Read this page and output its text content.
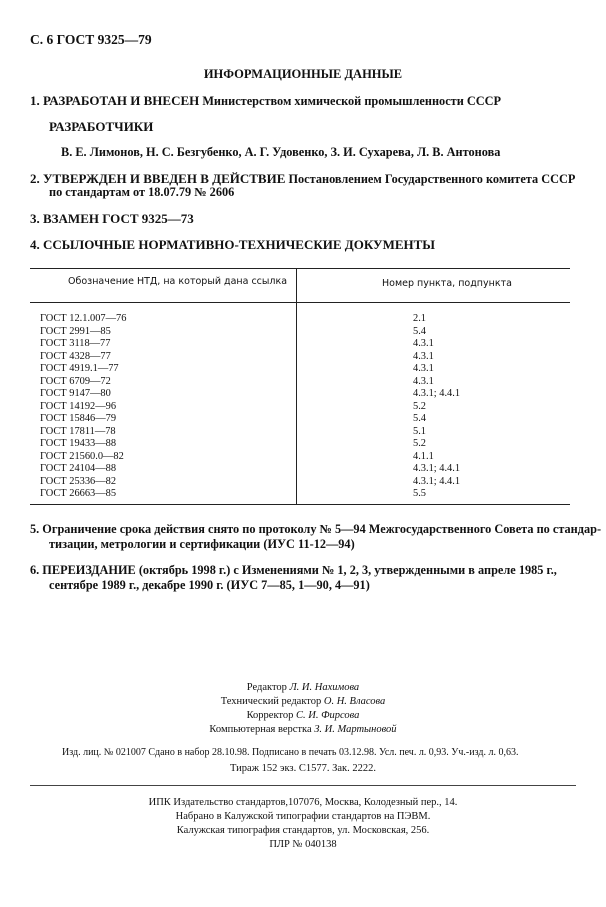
С. 6 ГОСТ 9325—79
ИНФОРМАЦИОННЫЕ ДАННЫЕ
1. РАЗРАБОТАН И ВНЕСЕН Министерством химической промышленности СССР
РАЗРАБОТЧИКИ
В. Е. Лимонов, Н. С. Безгубенко, А. Г. Удовенко, З. И. Сухарева, Л. В. Антонова
2. УТВЕРЖДЕН И ВВЕДЕН В ДЕЙСТВИЕ Постановлением Государственного комитета СССР
по стандартам от 18.07.79 № 2606
3. ВЗАМЕН ГОСТ 9325—73
4. ССЫЛОЧНЫЕ НОРМАТИВНО-ТЕХНИЧЕСКИЕ ДОКУМЕНТЫ
Обозначение НТД, на который дана ссылка	Номер пункта, подпункта
ГОСТ 12.1.007—76	2.1
ГОСТ 2991—85	5.4
ГОСТ 3118—77	4.3.1
ГОСТ 4328—77	4.3.1
ГОСТ 4919.1—77	4.3.1
ГОСТ 6709—72	4.3.1
ГОСТ 9147—80	4.3.1; 4.4.1
ГОСТ 14192—96	5.2
ГОСТ 15846—79	5.4
ГОСТ 17811—78	5.1
ГОСТ 19433—88	5.2
ГОСТ 21560.0—82	4.1.1
ГОСТ 24104—88	4.3.1; 4.4.1
ГОСТ 25336—82	4.3.1; 4.4.1
ГОСТ 26663—85	5.5
5. Ограничение срока действия снято по протоколу № 5—94 Межгосударственного Совета по стандар-
тизации, метрологии и сертификации (ИУС 11-12—94)
6. ПЕРЕИЗДАНИЕ (октябрь 1998 г.) с Изменениями № 1, 2, 3, утвержденными в апреле 1985 г.,
сентябре 1989 г., декабре 1990 г. (ИУС 7—85, 1—90, 4—91)
Редактор Л. И. Нахимова
Технический редактор О. Н. Власова
Корректор С. И. Фирсова
Компьютерная верстка З. И. Мартыновой
Изд. лиц. № 021007 Сдано в набор 28.10.98. Подписано в печать 03.12.98. Усл. печ. л. 0,93. Уч.-изд. л. 0,63.
Тираж 152 экз. С1577. Зак. 2222.
ИПК Издательство стандартов,107076, Москва, Колодезный пер., 14.
Набрано в Калужской типографии стандартов на ПЭВМ.
Калужская типография стандартов, ул. Московская, 256.
ПЛР № 040138
